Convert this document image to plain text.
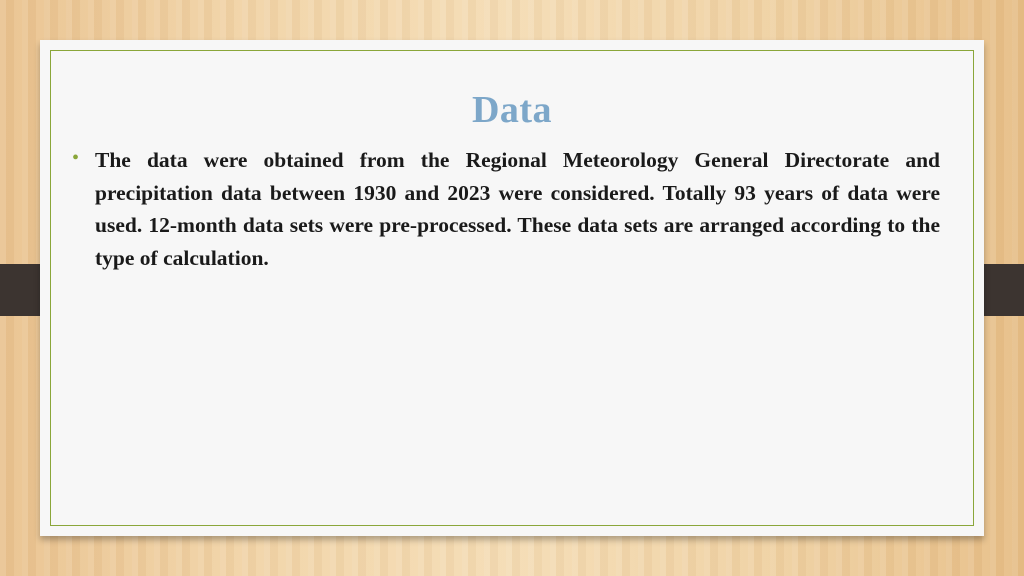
Data
• The data were obtained from the Regional Meteorology General Directorate and precipitation data between 1930 and 2023 were considered. Totally 93 years of data were used. 12-month data sets were pre-processed. These data sets are arranged according to the type of calculation.
